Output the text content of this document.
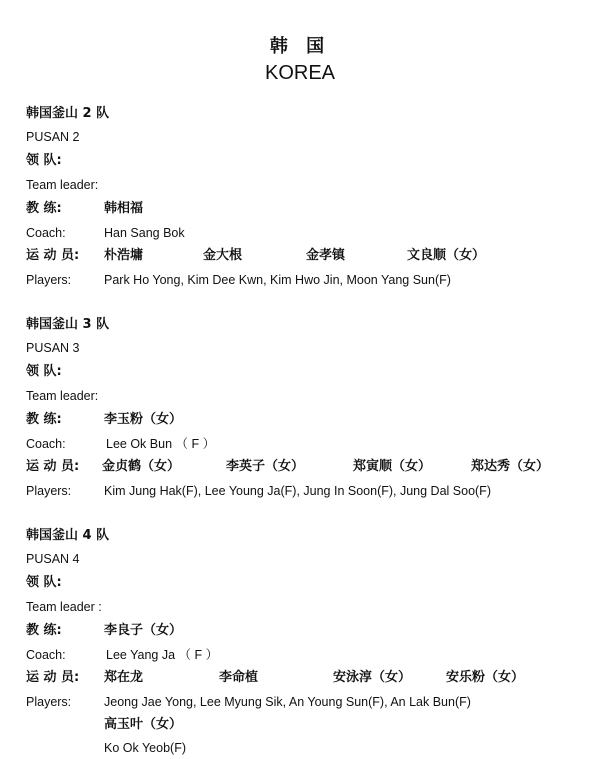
韩 国
KOREA
韩国釜山 2 队
PUSAN 2
领 队:
Team leader:
教 练:	韩相福
Coach:	Han Sang Bok
运 动 员: 朴浩墉	金大根	金孝镇	文良顺（女）
Players:	Park Ho Yong, Kim Dee Kwn, Kim Hwo Jin, Moon Yang Sun(F)
韩国釜山 3 队
PUSAN 3
领 队:
Team leader:
教 练:	李玉粉（女）
Coach:	Lee Ok Bun （ F ）
运 动 员: 金贞鹤（女）	李英子（女）	郑寅顺（女）	郑达秀（女）
Players:	Kim Jung Hak(F), Lee Young Ja(F), Jung In Soon(F), Jung Dal Soo(F)
韩国釜山 4 队
PUSAN 4
领 队:
Team leader :
教 练:	李良子（女）
Coach:	Lee Yang Ja （ F ）
运 动 员: 郑在龙	李命植	安泳淳（女）	安乐粉（女）
Players:	Jeong Jae Yong, Lee Myung Sik, An Young Sun(F), An Lak Bun(F)
高玉叶（女）
Ko Ok Yeob(F)
